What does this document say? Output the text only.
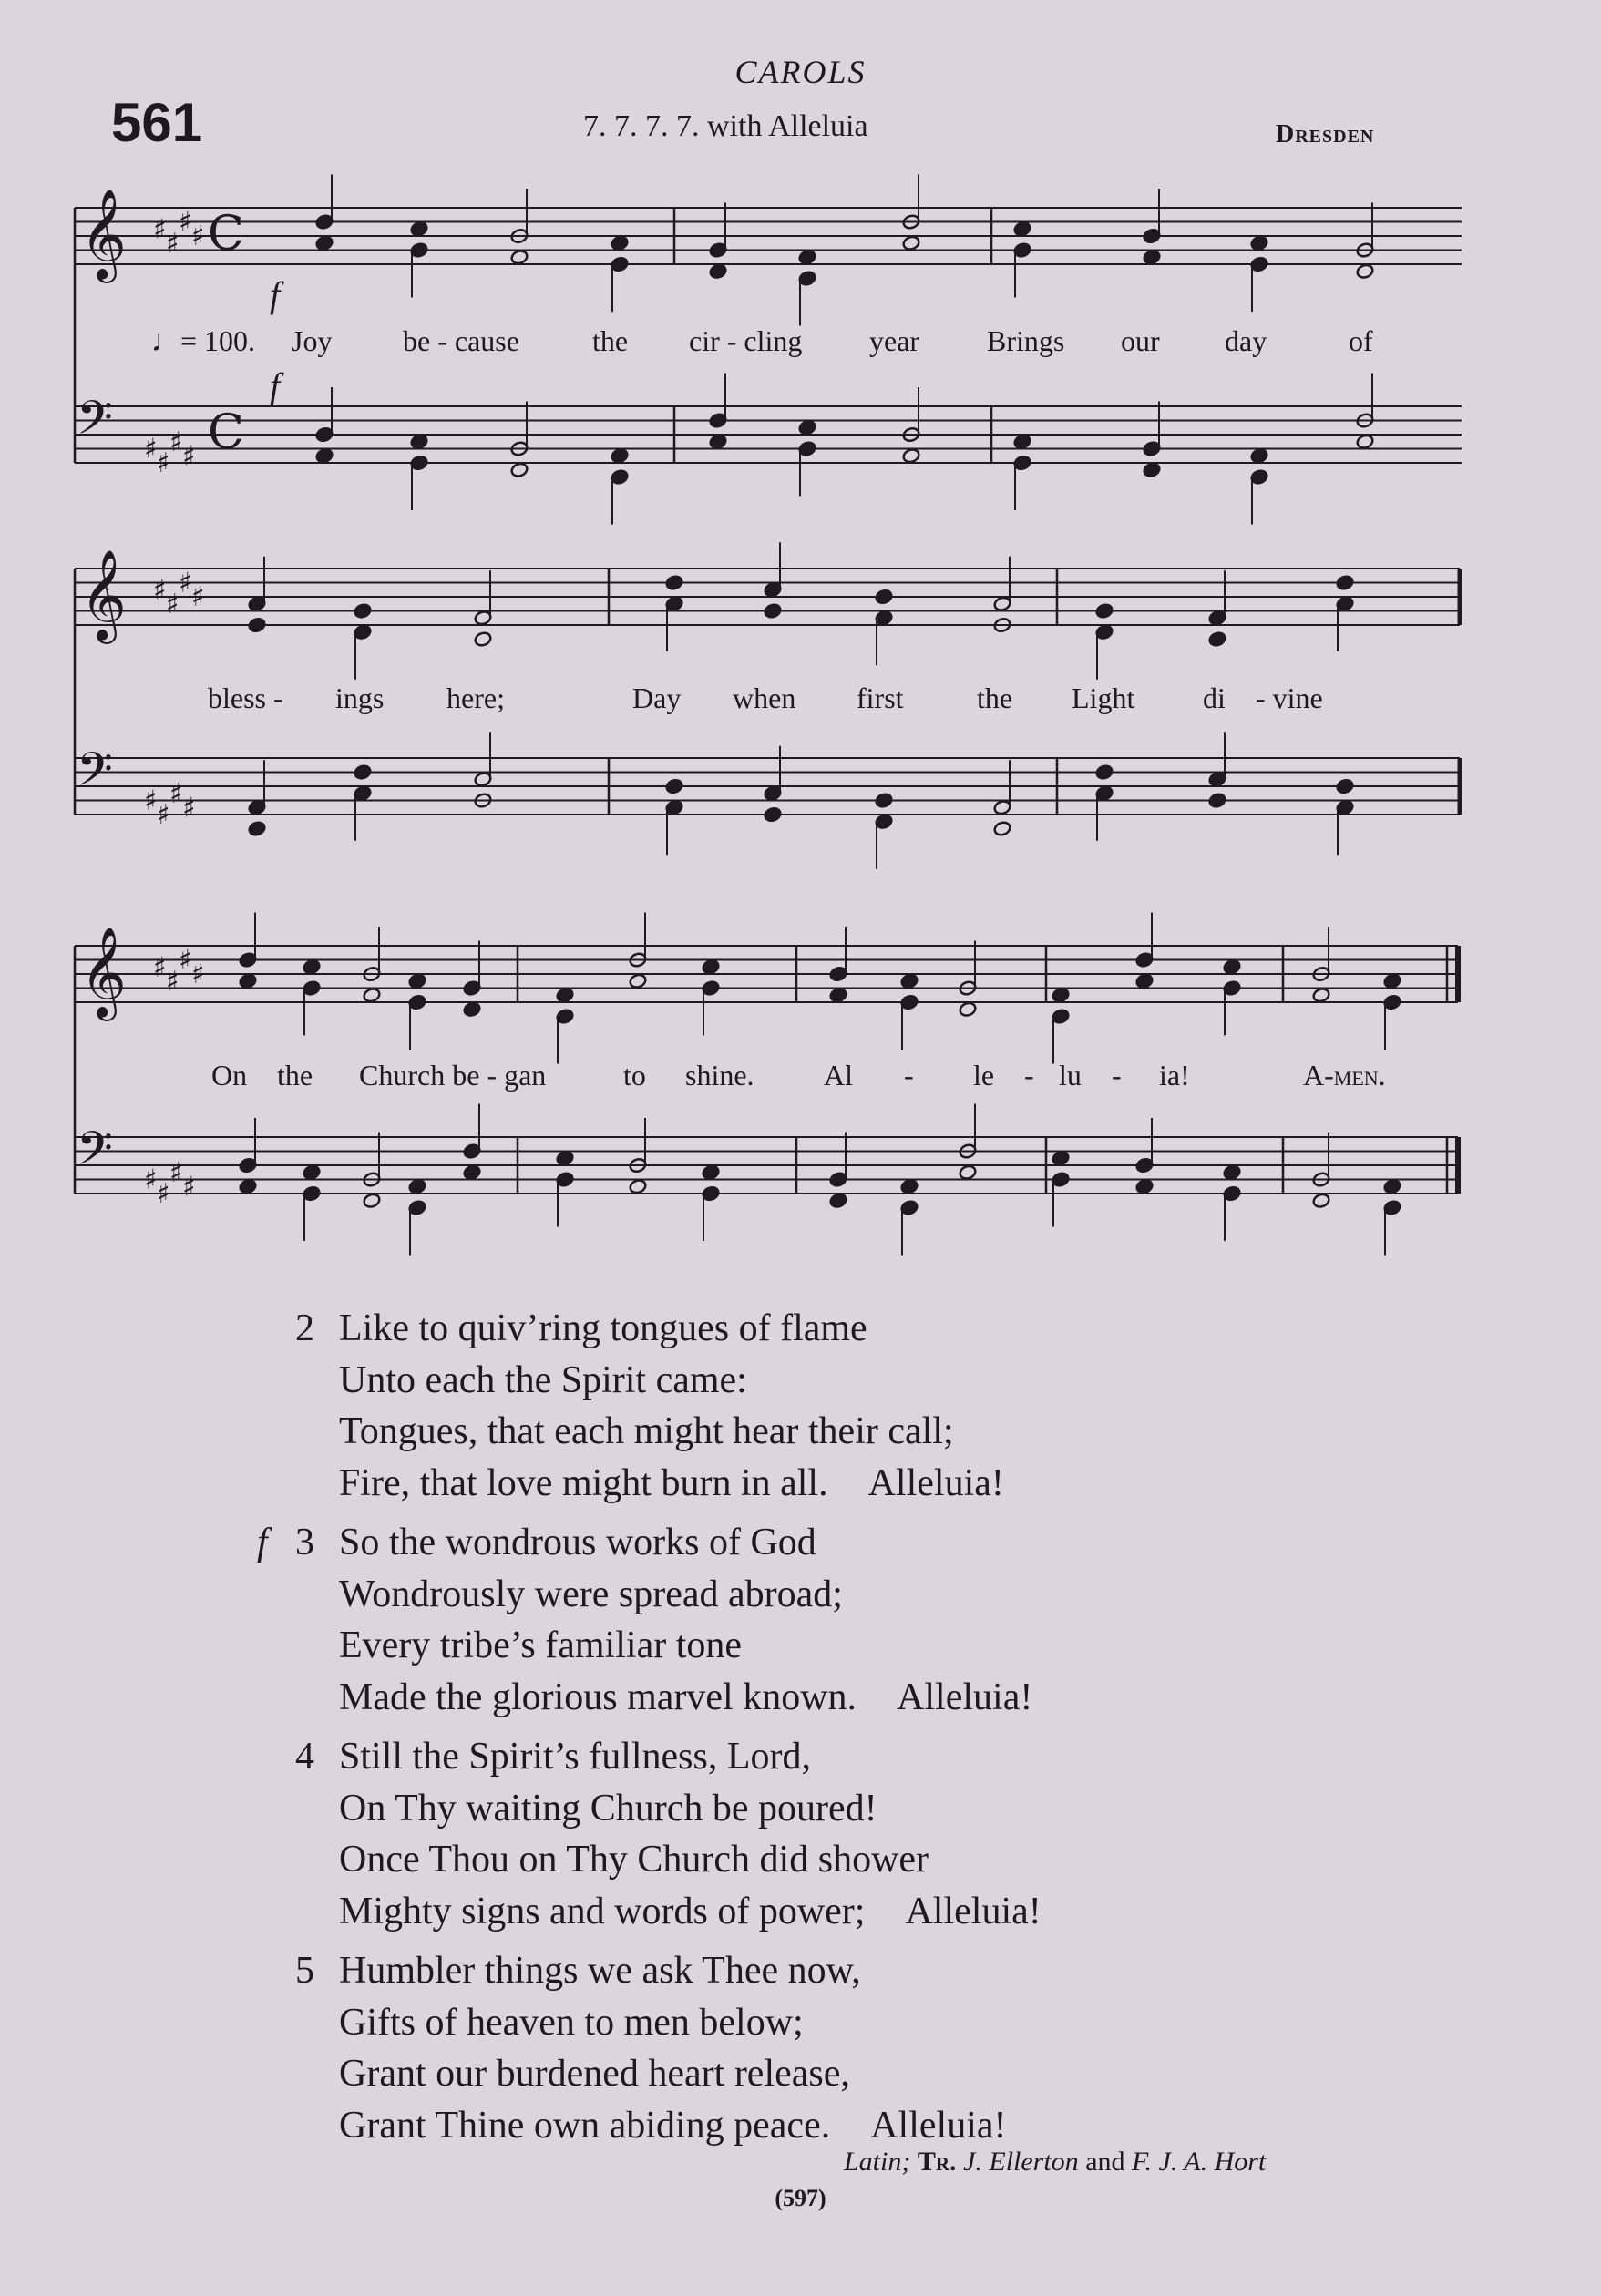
CAROLS
561	7. 7. 7. 7. with Alleluia	Dresden
𝄞 ♯ ♯
♯ ♯ C
𝄢 ♯ ♯
♯ ♯ C
𝄞 ♯ ♯
♯ ♯
𝄢 ♯ ♯
♯ ♯
𝄞 ♯ ♯
♯ ♯
𝄢 ♯ ♯
♯ ♯
♩= 100.
f
f
Joy be - cause	the cir - cling year Brings our day	of
bless - ings here;	Day when first	the Light di - vine
On the Church be - gan	to shine. Al - le - lu - ia!	A-men.
2 Like to quiv’ring tongues of flame
Unto each the Spirit came:
Tongues, that each might hear their call;
Fire, that love might burn in all. Alleluia!
f 3 So the wondrous works of God
Wondrously were spread abroad;
Every tribe’s familiar tone
Made the glorious marvel known. Alleluia!
4 Still the Spirit’s fullness, Lord,
On Thy waiting Church be poured!
Once Thou on Thy Church did shower
Mighty signs and words of power; Alleluia!
5 Humbler things we ask Thee now,
Gifts of heaven to men below;
Grant our burdened heart release,
Grant Thine own abiding peace. Alleluia!
Latin; Tr. J. Ellerton and F. J. A. Hort
(597)
